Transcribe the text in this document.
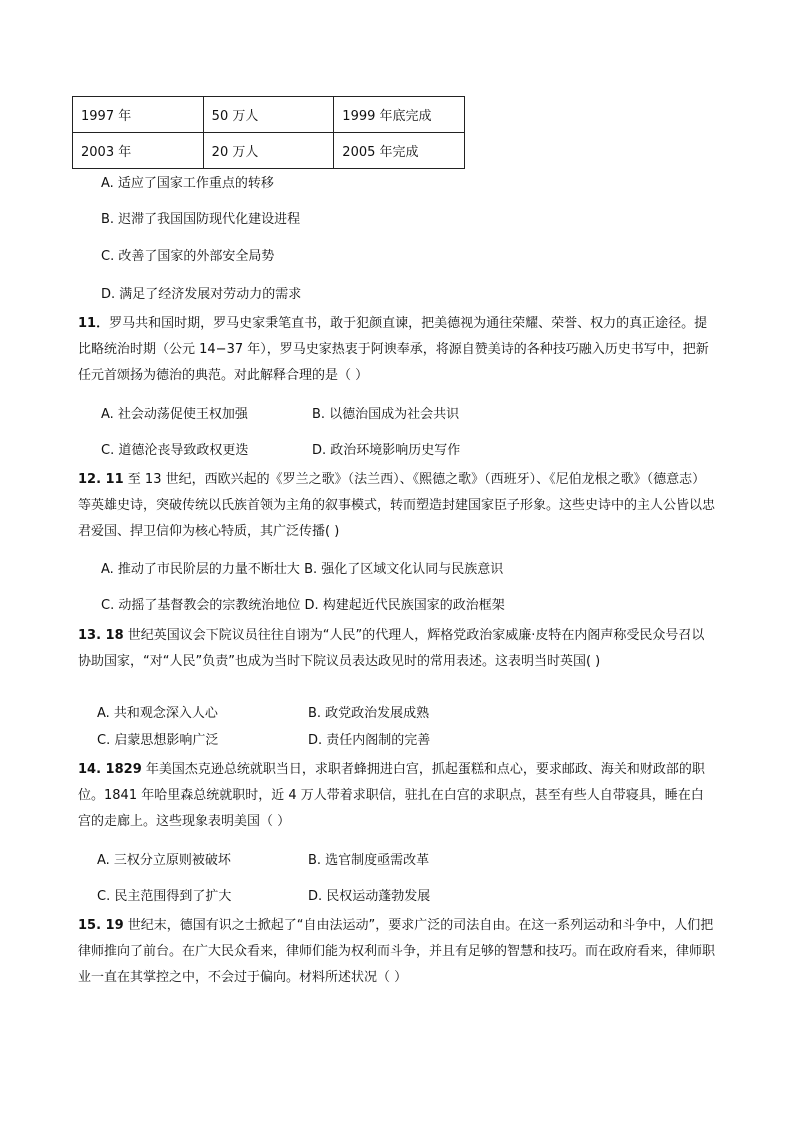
1997 年	50 万人	1999 年底完成
2003 年	20 万人	2005 年完成
A. 适应了国家工作重点的转移
B. 迟滞了我国国防现代化建设进程
C. 改善了国家的外部安全局势
D. 满足了经济发展对劳动力的需求
11．罗马共和国时期，罗马史家秉笔直书，敢于犯颜直谏，把美德视为通往荣耀、荣誉、权力的真正途径。提比略统治时期（公元 14−37 年），罗马史家热衷于阿谀奉承，将源自赞美诗的各种技巧融入历史书写中，把新任元首颂扬为德治的典范。对此解释合理的是（ ）
A. 社会动荡促使王权加强	B. 以德治国成为社会共识
C. 道德沦丧导致政权更迭	D. 政治环境影响历史写作
12. 11 至 13 世纪，西欧兴起的《罗兰之歌》（法兰西）、《熙德之歌》（西班牙）、《尼伯龙根之歌》（德意志）等英雄史诗，突破传统以氏族首领为主角的叙事模式，转而塑造封建国家臣子形象。这些史诗中的主人公皆以忠君爱国、捍卫信仰为核心特质，其广泛传播( )
A. 推动了市民阶层的力量不断壮大 B. 强化了区域文化认同与民族意识
C. 动摇了基督教会的宗教统治地位 D. 构建起近代民族国家的政治框架
13. 18 世纪英国议会下院议员往往自诩为“人民”的代理人，辉格党政治家威廉·皮特在内阁声称受民众号召以协助国家，“对“人民”负责”也成为当时下院议员表达政见时的常用表述。这表明当时英国( )
A. 共和观念深入人心	B. 政党政治发展成熟
C. 启蒙思想影响广泛	D. 责任内阁制的完善
14. 1829 年美国杰克逊总统就职当日，求职者蜂拥进白宫，抓起蛋糕和点心，要求邮政、海关和财政部的职位。1841 年哈里森总统就职时，近 4 万人带着求职信，驻扎在白宫的求职点，甚至有些人自带寝具，睡在白宫的走廊上。这些现象表明美国（ ）
A. 三权分立原则被破坏	B. 选官制度亟需改革
C. 民主范围得到了扩大	D. 民权运动蓬勃发展
15. 19 世纪末，德国有识之士掀起了“自由法运动”，要求广泛的司法自由。在这一系列运动和斗争中，人们把律师推向了前台。在广大民众看来，律师们能为权利而斗争，并且有足够的智慧和技巧。而在政府看来，律师职业一直在其掌控之中，不会过于偏向。材料所述状况（ ）
